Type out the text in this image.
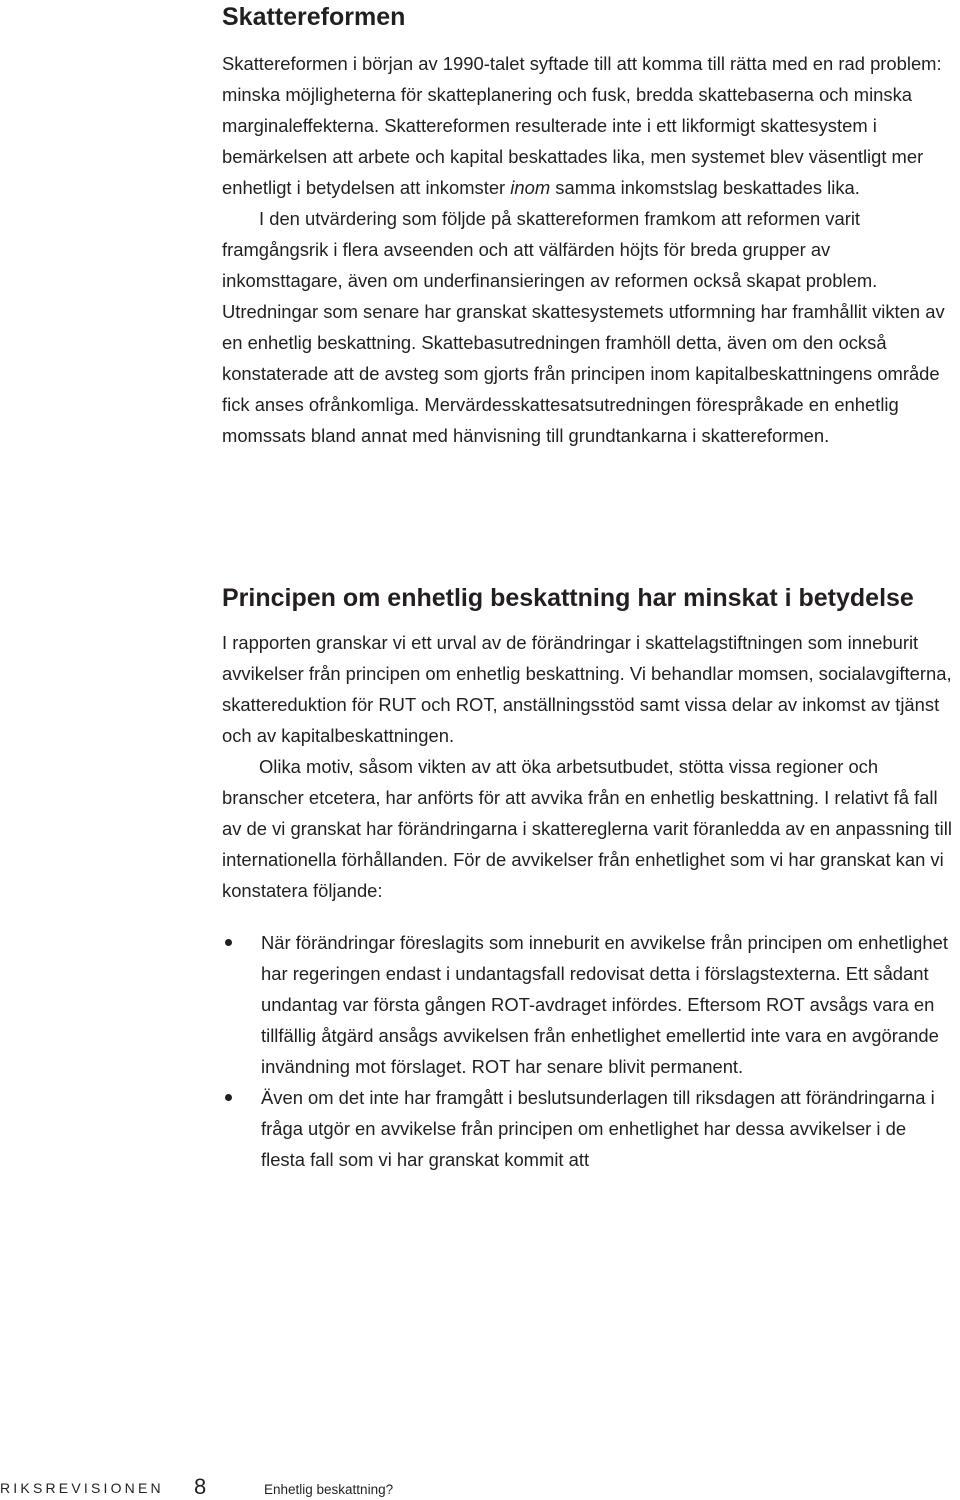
Skattereformen

Skattereformen i början av 1990-talet syftade till att komma till rätta med en rad problem: minska möjligheterna för skatteplanering och fusk, bredda skattebaserna och minska marginaleffekterna. Skattereformen resulterade inte i ett likformigt skattesystem i bemärkelsen att arbete och kapital beskattades lika, men systemet blev väsentligt mer enhetligt i betydelsen att inkomster inom samma inkomstslag beskattades lika.

I den utvärdering som följde på skattereformen framkom att reformen varit framgångsrik i flera avseenden och att välfärden höjts för breda grupper av inkomsttagare, även om underfinansieringen av reformen också skapat problem. Utredningar som senare har granskat skattesystemets utformning har framhållit vikten av en enhetlig beskattning. Skattebasutredningen framhöll detta, även om den också konstaterade att de avsteg som gjorts från principen inom kapitalbeskattningens område fick anses ofrånkomliga. Mervärdesskattesatsutredningen förespråkade en enhetlig momssats bland annat med hänvisning till grundtankarna i skattereformen.

Principen om enhetlig beskattning har minskat i betydelse

I rapporten granskar vi ett urval av de förändringar i skattelagstiftningen som inneburit avvikelser från principen om enhetlig beskattning. Vi behandlar momsen, socialavgifterna, skattereduktion för RUT och ROT, anställningsstöd samt vissa delar av inkomst av tjänst och av kapitalbeskattningen.

Olika motiv, såsom vikten av att öka arbetsutbudet, stötta vissa regioner och branscher etcetera, har anförts för att avvika från en enhetlig beskattning. I relativt få fall av de vi granskat har förändringarna i skattereglerna varit föranledda av en anpassning till internationella förhållanden. För de avvikelser från enhetlighet som vi har granskat kan vi konstatera följande:

När förändringar föreslagits som inneburit en avvikelse från principen om enhetlighet har regeringen endast i undantagsfall redovisat detta i förslagstexterna. Ett sådant undantag var första gången ROT-avdraget infördes. Eftersom ROT avsågs vara en tillfällig åtgärd ansågs avvikelsen från enhetlighet emellertid inte vara en avgörande invändning mot förslaget. ROT har senare blivit permanent.
Även om det inte har framgått i beslutsunderlagen till riksdagen att förändringarna i fråga utgör en avvikelse från principen om enhetlighet har dessa avvikelser i de flesta fall som vi har granskat kommit att
RIKSREVISIONEN 8	Enhetlig beskattning?
